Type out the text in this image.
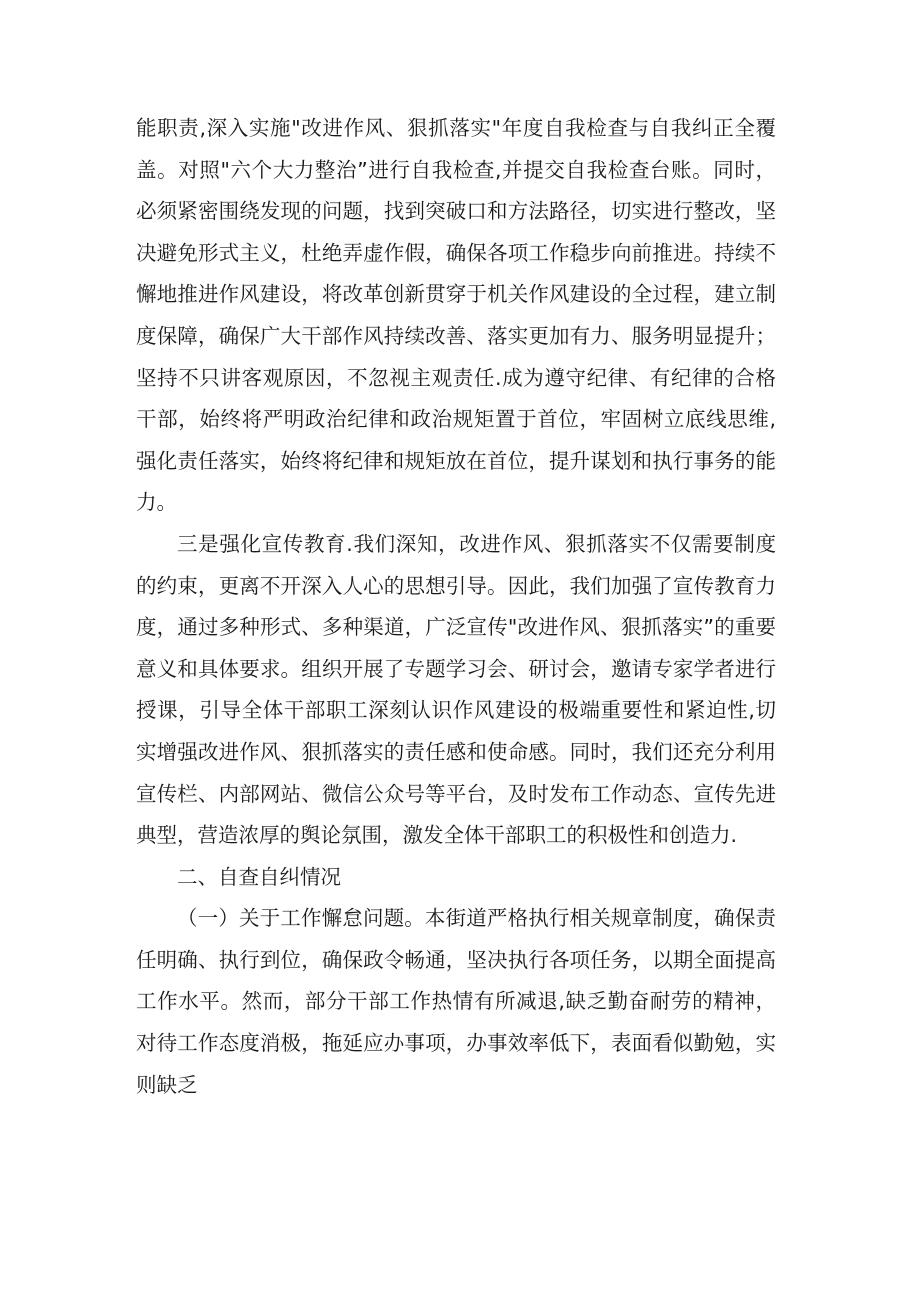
能职责,深入实施"改进作风、狠抓落实"年度自我检查与自我纠正全覆盖。对照"六个大力整治”进行自我检查,并提交自我检查台账。同时，必须紧密围绕发现的问题，找到突破口和方法路径，切实进行整改，坚决避免形式主义，杜绝弄虚作假，确保各项工作稳步向前推进。持续不懈地推进作风建设，将改革创新贯穿于机关作风建设的全过程，建立制度保障，确保广大干部作风持续改善、落实更加有力、服务明显提升；坚持不只讲客观原因，不忽视主观责任.成为遵守纪律、有纪律的合格干部，始终将严明政治纪律和政治规矩置于首位，牢固树立底线思维,强化责任落实，始终将纪律和规矩放在首位，提升谋划和执行事务的能力。

三是强化宣传教育.我们深知，改进作风、狠抓落实不仅需要制度的约束，更离不开深入人心的思想引导。因此，我们加强了宣传教育力度，通过多种形式、多种渠道，广泛宣传"改进作风、狠抓落实”的重要意义和具体要求。组织开展了专题学习会、研讨会，邀请专家学者进行授课，引导全体干部职工深刻认识作风建设的极端重要性和紧迫性,切实增强改进作风、狠抓落实的责任感和使命感。同时，我们还充分利用宣传栏、内部网站、微信公众号等平台，及时发布工作动态、宣传先进典型，营造浓厚的舆论氛围，激发全体干部职工的积极性和创造力.

二、自查自纠情况

（一）关于工作懈怠问题。本街道严格执行相关规章制度，确保责任明确、执行到位，确保政令畅通，坚决执行各项任务，以期全面提高工作水平。然而，部分干部工作热情有所减退,缺乏勤奋耐劳的精神，对待工作态度消极，拖延应办事项，办事效率低下，表面看似勤勉，实则缺乏
